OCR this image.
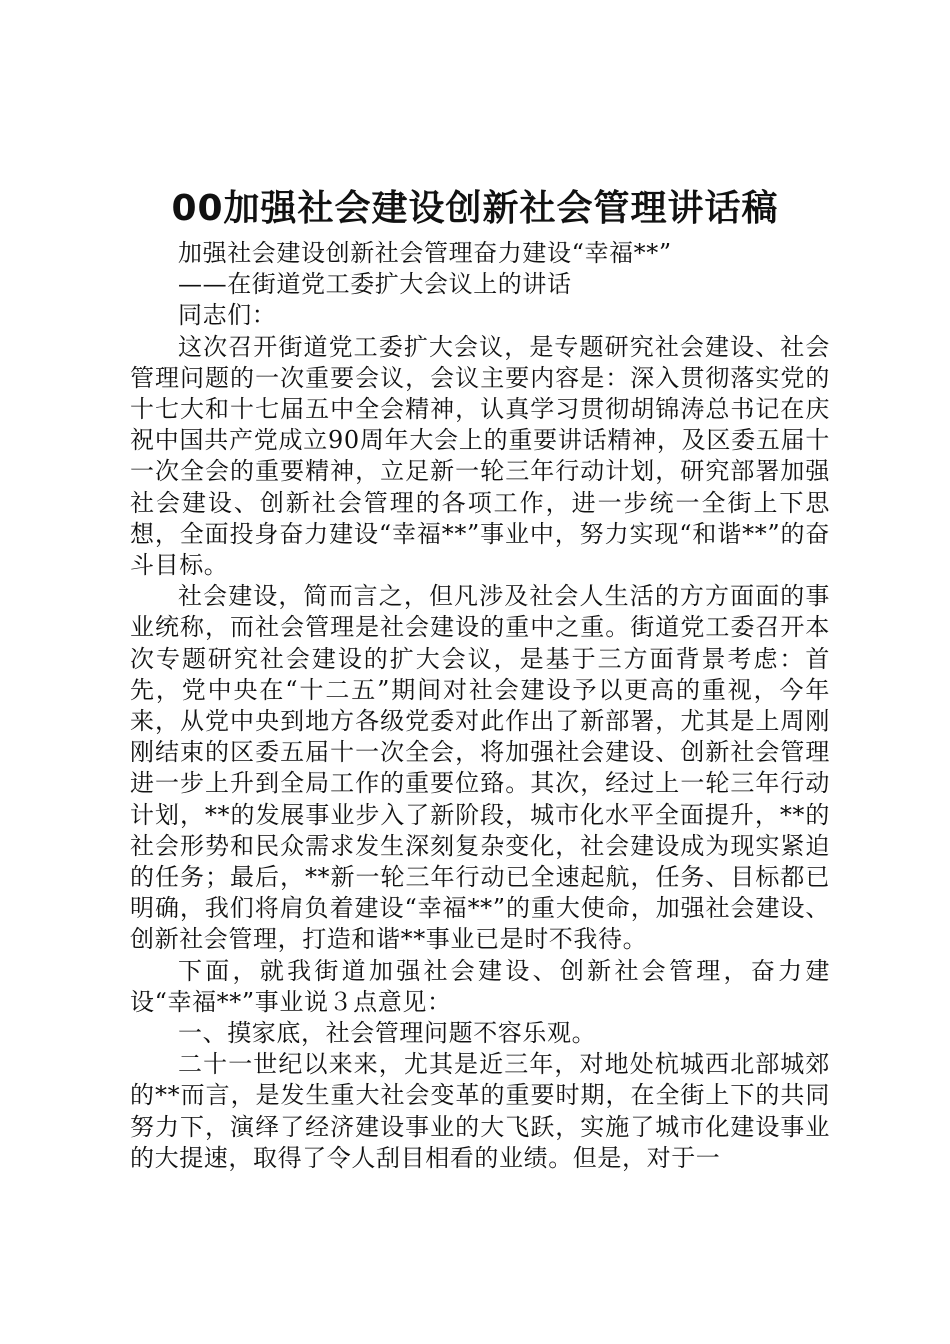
00加强社会建设创新社会管理讲话稿

加强社会建设创新社会管理奋力建设“幸福**”

——在街道党工委扩大会议上的讲话

同志们：

这次召开街道党工委扩大会议，是专题研究社会建设、社会管理问题的一次重要会议，会议主要内容是：深入贯彻落实党的十七大和十七届五中全会精神，认真学习贯彻胡锦涛总书记在庆祝中国共产党成立90周年大会上的重要讲话精神，及区委五届十一次全会的重要精神，立足新一轮三年行动计划，研究部署加强社会建设、创新社会管理的各项工作，进一步统一全街上下思想，全面投身奋力建设“幸福**”事业中，努力实现“和谐**”的奋斗目标。

社会建设，简而言之，但凡涉及社会人生活的方方面面的事业统称，而社会管理是社会建设的重中之重。街道党工委召开本次专题研究社会建设的扩大会议，是基于三方面背景考虑：首先，党中央在“十二五”期间对社会建设予以更高的重视，今年来，从党中央到地方各级党委对此作出了新部署，尤其是上周刚刚结束的区委五届十一次全会，将加强社会建设、创新社会管理进一步上升到全局工作的重要位臵。其次，经过上一轮三年行动计划，**的发展事业步入了新阶段，城市化水平全面提升，**的社会形势和民众需求发生深刻复杂变化，社会建设成为现实紧迫的任务；最后，**新一轮三年行动已全速起航，任务、目标都已明确，我们将肩负着建设“幸福**”的重大使命，加强社会建设、创新社会管理，打造和谐**事业已是时不我待。

下面，就我街道加强社会建设、创新社会管理，奋力建设“幸福**”事业说３点意见：

一、摸家底，社会管理问题不容乐观。

二十一世纪以来来，尤其是近三年，对地处杭城西北部城郊的**而言，是发生重大社会变革的重要时期，在全街上下的共同努力下，演绎了经济建设事业的大飞跃，实施了城市化建设事业的大提速，取得了令人刮目相看的业绩。但是，对于一
